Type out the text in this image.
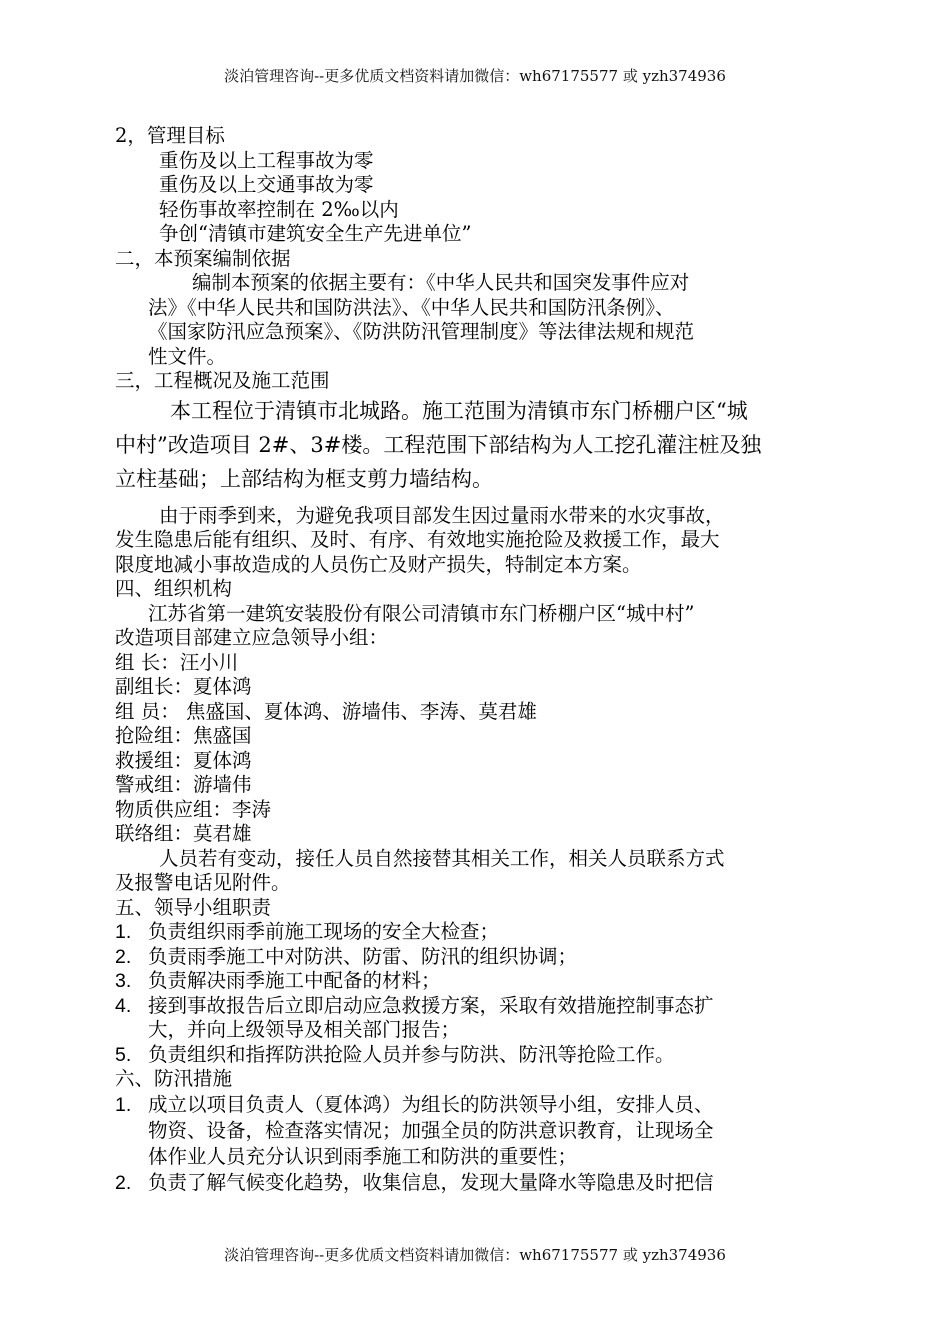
淡泊管理咨询--更多优质文档资料请加微信：wh67175577 或 yzh374936
2，管理目标
重伤及以上工程事故为零
重伤及以上交通事故为零
轻伤事故率控制在 2‰以内
争创“清镇市建筑安全生产先进单位”
二，本预案编制依据
编制本预案的依据主要有：《中华人民共和国突发事件应对
法》《中华人民共和国防洪法》、《中华人民共和国防汛条例》、
《国家防汛应急预案》、《防洪防汛管理制度》等法律法规和规范
性文件。
三，工程概况及施工范围
本工程位于清镇市北城路。施工范围为清镇市东门桥棚户区“城
中村”改造项目 2#、3#楼。工程范围下部结构为人工挖孔灌注桩及独
立柱基础；上部结构为框支剪力墙结构。
由于雨季到来，为避免我项目部发生因过量雨水带来的水灾事故，
发生隐患后能有组织、及时、有序、有效地实施抢险及救援工作，最大
限度地减小事故造成的人员伤亡及财产损失，特制定本方案。
四、组织机构
江苏省第一建筑安装股份有限公司清镇市东门桥棚户区“城中村”
改造项目部建立应急领导小组：
组 长：汪小川
副组长：夏体鸿
组 员： 焦盛国、夏体鸿、游墙伟、李涛、莫君雄
抢险组：焦盛国
救援组：夏体鸿
警戒组：游墙伟
物质供应组：李涛
联络组：莫君雄
人员若有变动，接任人员自然接替其相关工作，相关人员联系方式
及报警电话见附件。
五、领导小组职责
1. 负责组织雨季前施工现场的安全大检查；
2. 负责雨季施工中对防洪、防雷、防汛的组织协调；
3. 负责解决雨季施工中配备的材料；
4. 接到事故报告后立即启动应急救援方案，采取有效措施控制事态扩
大，并向上级领导及相关部门报告；
5. 负责组织和指挥防洪抢险人员并参与防洪、防汛等抢险工作。
六、防汛措施
1. 成立以项目负责人（夏体鸿）为组长的防洪领导小组，安排人员、
物资、设备，检查落实情况；加强全员的防洪意识教育，让现场全
体作业人员充分认识到雨季施工和防洪的重要性；
2. 负责了解气候变化趋势，收集信息，发现大量降水等隐患及时把信
淡泊管理咨询--更多优质文档资料请加微信：wh67175577 或 yzh374936
